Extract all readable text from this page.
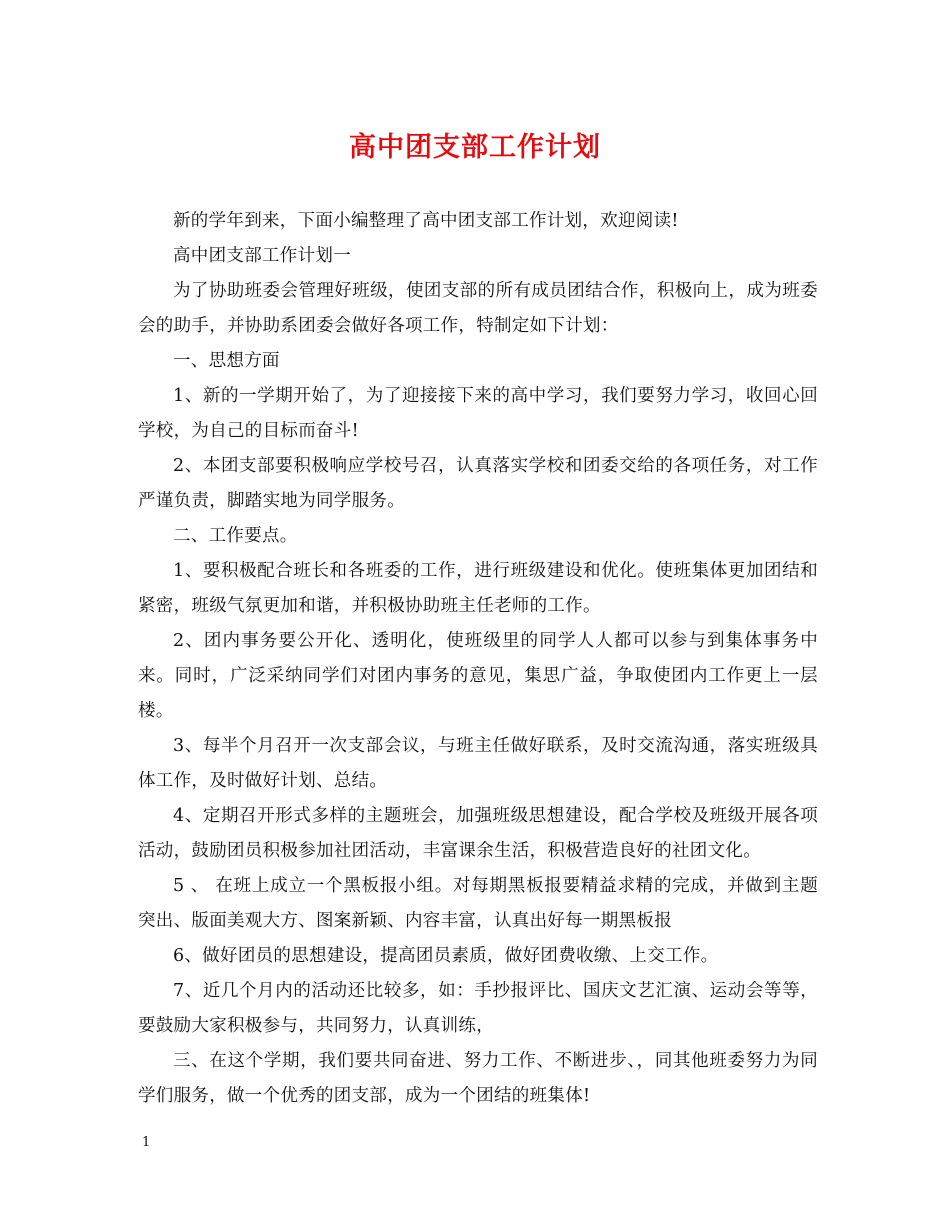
高中团支部工作计划

新的学年到来，下面小编整理了高中团支部工作计划，欢迎阅读!

高中团支部工作计划一

为了协助班委会管理好班级，使团支部的所有成员团结合作，积极向上，成为班委会的助手，并协助系团委会做好各项工作，特制定如下计划：

一、思想方面

1、新的一学期开始了，为了迎接接下来的高中学习，我们要努力学习，收回心回学校，为自己的目标而奋斗!

2、本团支部要积极响应学校号召，认真落实学校和团委交给的各项任务，对工作严谨负责，脚踏实地为同学服务。

二、工作要点。

1、要积极配合班长和各班委的工作，进行班级建设和优化。使班集体更加团结和紧密，班级气氛更加和谐，并积极协助班主任老师的工作。

2、团内事务要公开化、透明化，使班级里的同学人人都可以参与到集体事务中来。同时，广泛采纳同学们对团内事务的意见，集思广益，争取使团内工作更上一层楼。

3、每半个月召开一次支部会议，与班主任做好联系，及时交流沟通，落实班级具体工作，及时做好计划、总结。

4、定期召开形式多样的主题班会，加强班级思想建设，配合学校及班级开展各项活动，鼓励团员积极参加社团活动，丰富课余生活，积极营造良好的社团文化。

5 、 在班上成立一个黑板报小组。对每期黑板报要精益求精的完成，并做到主题突出、版面美观大方、图案新颖、内容丰富，认真出好每一期黑板报

6、做好团员的思想建设，提高团员素质，做好团费收缴、上交工作。

7、近几个月内的活动还比较多，如：手抄报评比、国庆文艺汇演、运动会等等，要鼓励大家积极参与，共同努力，认真训练，

三、在这个学期，我们要共同奋进、努力工作、不断进步、，同其他班委努力为同学们服务，做一个优秀的团支部，成为一个团结的班集体!

1
